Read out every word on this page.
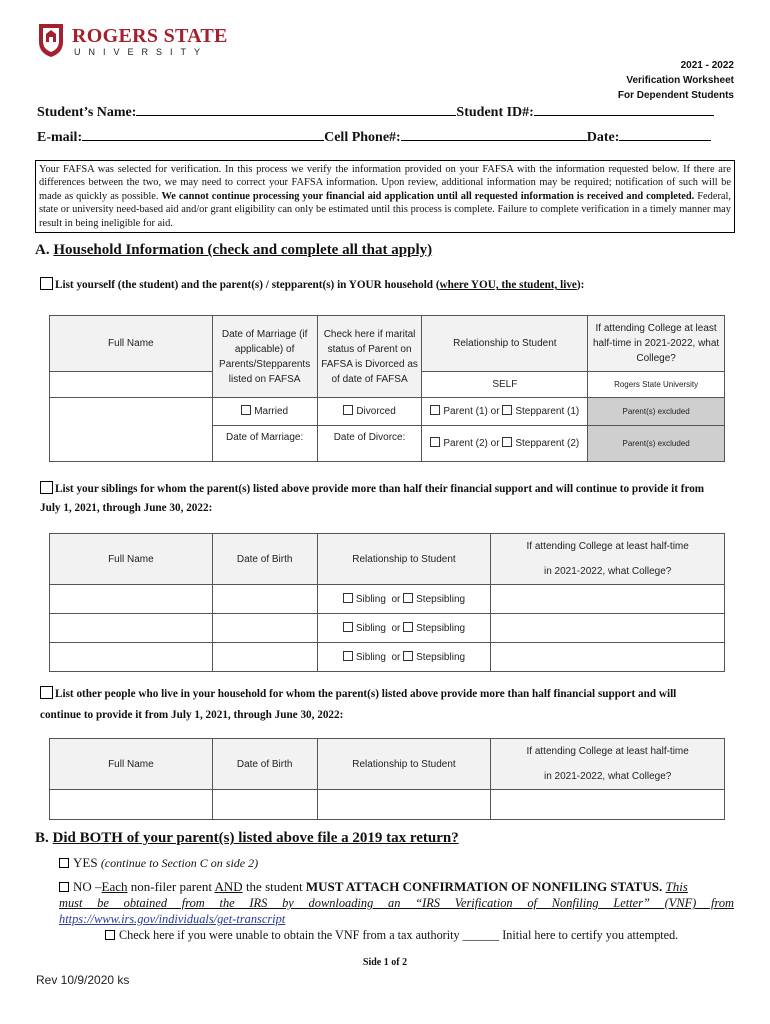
ROGERS STATE
UNIVERSITY
2021 - 2022
Verification Worksheet
For Dependent Students
Student’s Name:	Student ID#:
E-mail:	Cell Phone#:	Date:
Your FAFSA was selected for verification. In this process we verify the information provided on your FAFSA with the information requested below. If there are differences between the two, we may need to correct your FAFSA information. Upon review, additional information may be required; notification of such will be made as quickly as possible. We cannot continue processing your financial aid application until all requested information is received and completed. Federal, state or university need-based aid and/or grant eligibility can only be estimated until this process is complete. Failure to complete verification in a timely manner may result in being ineligible for aid.
A. Household Information (check and complete all that apply)
List yourself (the student) and the parent(s) / stepparent(s) in YOUR household (where YOU, the student, live):
Full Name	Date of Marriage (if applicable) of Parents/Stepparents listed on FAFSA	Check here if marital status of Parent on FAFSA is Divorced as of date of FAFSA	Relationship to Student	If attending College at least half-time in 2021-2022, what College?
			SELF	Rogers State University
	Married	Divorced	Parent (1) or Stepparent (1)	Parent(s) excluded
	Date of Marriage:	Date of Divorce:	Parent (2) or Stepparent (2)	Parent(s) excluded
List your siblings for whom the parent(s) listed above provide more than half their financial support and will continue to provide it from July 1, 2021, through June 30, 2022:
Full Name	Date of Birth	Relationship to Student	If attending College at least half-time
in 2021-2022, what College?
		Sibling or Stepsibling	
		Sibling or Stepsibling	
		Sibling or Stepsibling	
List other people who live in your household for whom the parent(s) listed above provide more than half financial support and will continue to provide it from July 1, 2021, through June 30, 2022:
Full Name	Date of Birth	Relationship to Student	If attending College at least half-time
in 2021-2022, what College?

B. Did BOTH of your parent(s) listed above file a 2019 tax return?
YES (continue to Section C on side 2)
NO –Each non-filer parent AND the student MUST ATTACH CONFIRMATION OF NONFILING STATUS. This
must be obtained from the IRS by downloading an “IRS Verification of Nonfiling Letter” (VNF) from
https://www.irs.gov/individuals/get-transcript
Check here if you were unable to obtain the VNF from a tax authority ______ Initial here to certify you attempted.
Side 1 of 2
Rev 10/9/2020 ks
